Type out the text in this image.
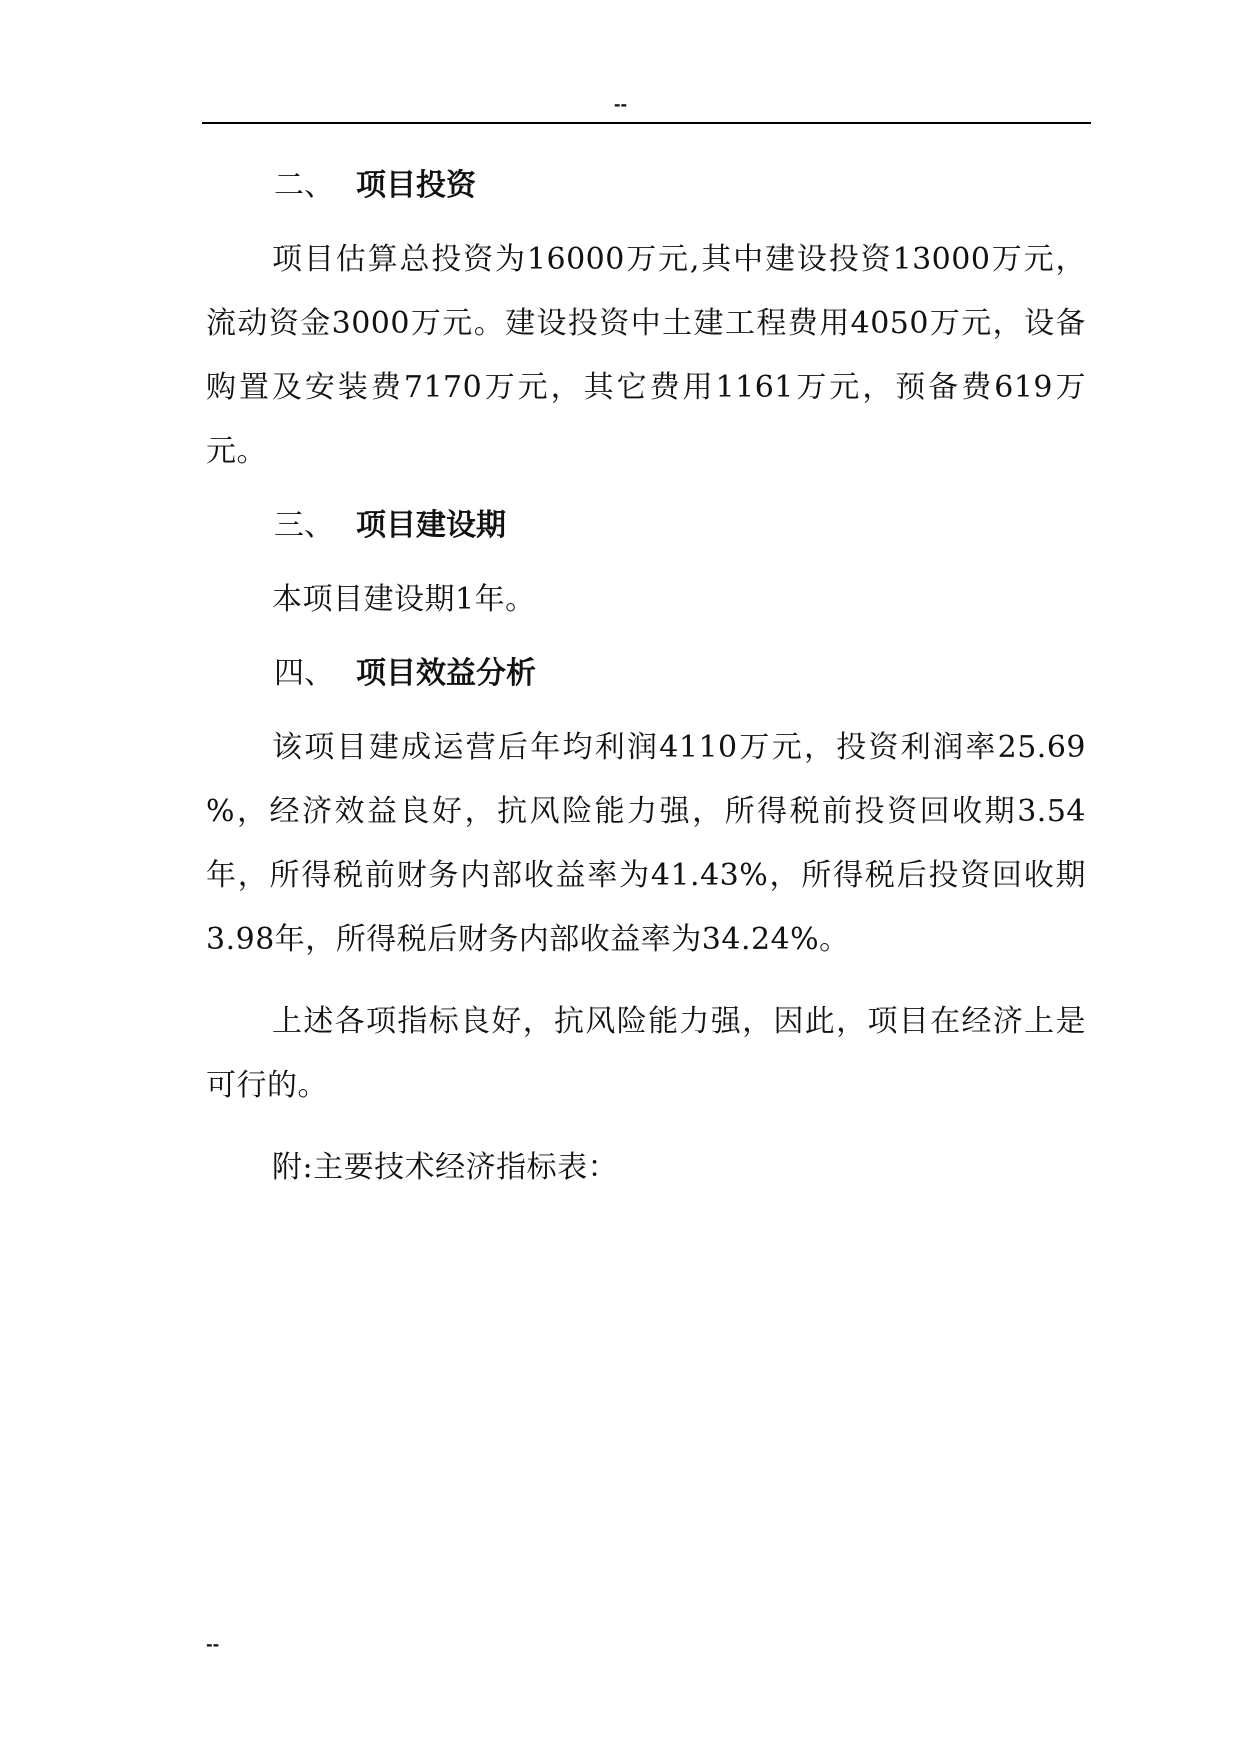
--
二、 项目投资

项目估算总投资为16000万元,其中建设投资13000万元，流动资金3000万元。建设投资中土建工程费用4050万元，设备购置及安装费7170万元，其它费用1161万元，预备费619万元。

三、 项目建设期

本项目建设期1年。

四、 项目效益分析

该项目建成运营后年均利润4110万元，投资利润率25.69 %，经济效益良好，抗风险能力强，所得税前投资回收期3.54年，所得税前财务内部收益率为41.43%，所得税后投资回收期3.98年，所得税后财务内部收益率为34.24%。

上述各项指标良好，抗风险能力强，因此，项目在经济上是可行的。

附:主要技术经济指标表：

--
